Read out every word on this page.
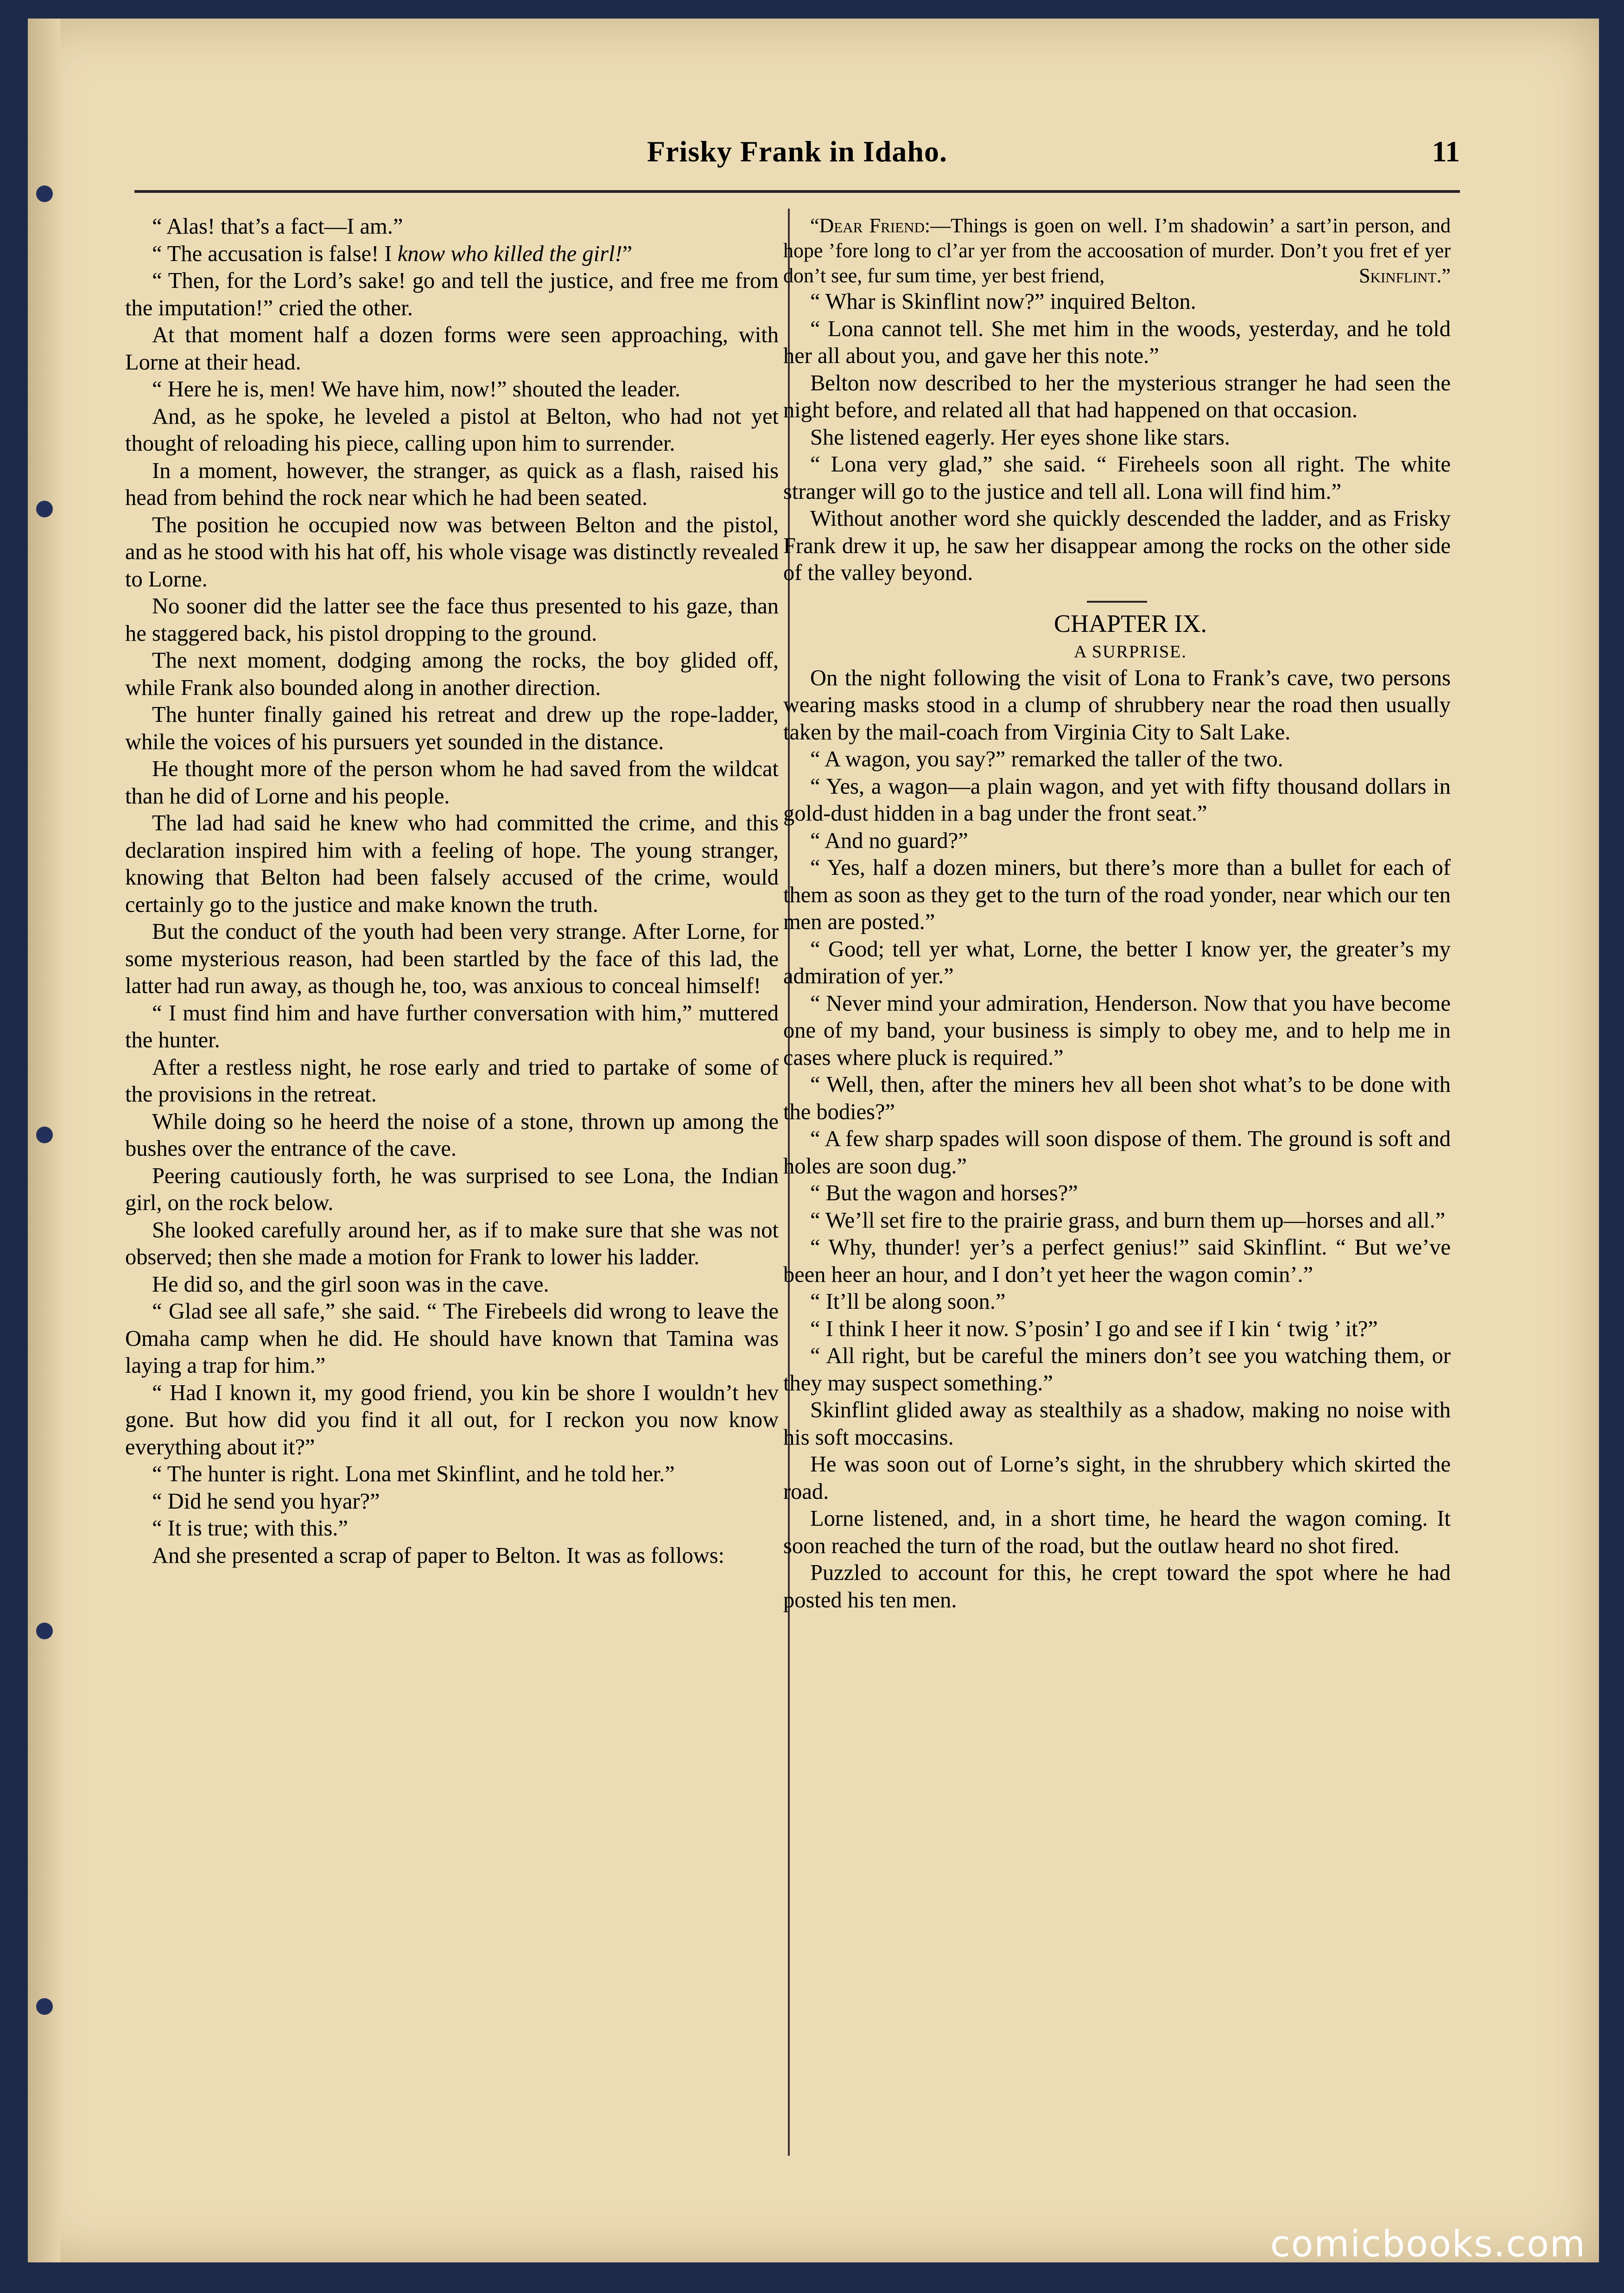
Frisky Frank in Idaho.	11

“ Alas! that’s a fact—I am.”

“ The accusation is false! I know who killed the girl!”

“ Then, for the Lord’s sake! go and tell the justice, and free me from the imputation!” cried the other.

At that moment half a dozen forms were seen approaching, with Lorne at their head.

“ Here he is, men! We have him, now!” shouted the leader.

And, as he spoke, he leveled a pistol at Belton, who had not yet thought of reloading his piece, calling upon him to surrender.

In a moment, however, the stranger, as quick as a flash, raised his head from behind the rock near which he had been seated.

The position he occupied now was between Belton and the pistol, and as he stood with his hat off, his whole visage was distinctly revealed to Lorne.

No sooner did the latter see the face thus presented to his gaze, than he staggered back, his pistol dropping to the ground.

The next moment, dodging among the rocks, the boy glided off, while Frank also bounded along in another direction.

The hunter finally gained his retreat and drew up the rope-ladder, while the voices of his pursuers yet sounded in the distance.

He thought more of the person whom he had saved from the wildcat than he did of Lorne and his people.

The lad had said he knew who had committed the crime, and this declaration inspired him with a feeling of hope. The young stranger, knowing that Belton had been falsely accused of the crime, would certainly go to the justice and make known the truth.

But the conduct of the youth had been very strange. After Lorne, for some mysterious reason, had been startled by the face of this lad, the latter had run away, as though he, too, was anxious to conceal himself!

“ I must find him and have further conversation with him,” muttered the hunter.

After a restless night, he rose early and tried to partake of some of the provisions in the retreat.

While doing so he heerd the noise of a stone, thrown up among the bushes over the entrance of the cave.

Peering cautiously forth, he was surprised to see Lona, the Indian girl, on the rock below.

She looked carefully around her, as if to make sure that she was not observed; then she made a motion for Frank to lower his ladder.

He did so, and the girl soon was in the cave.

“ Glad see all safe,” she said. “ The Firebeels did wrong to leave the Omaha camp when he did. He should have known that Tamina was laying a trap for him.”

“ Had I known it, my good friend, you kin be shore I wouldn’t hev gone. But how did you find it all out, for I reckon you now know everything about it?”

“ The hunter is right. Lona met Skinflint, and he told her.”

“ Did he send you hyar?”

“ It is true; with this.”

And she presented a scrap of paper to Belton. It was as follows:

“Dear Friend:—Things is goen on well. I’m shadowin’ a sart’in person, and hope ’fore long to cl’ar yer from the accoosation of murder. Don’t you fret ef yer don’t see, fur sum time, yer best friend,	Skinflint.”

“ Whar is Skinflint now?” inquired Belton.

“ Lona cannot tell. She met him in the woods, yesterday, and he told her all about you, and gave her this note.”

Belton now described to her the mysterious stranger he had seen the night before, and related all that had happened on that occasion.

She listened eagerly. Her eyes shone like stars.

“ Lona very glad,” she said. “ Fireheels soon all right. The white stranger will go to the justice and tell all. Lona will find him.”

Without another word she quickly descended the ladder, and as Frisky Frank drew it up, he saw her disappear among the rocks on the other side of the valley beyond.

CHAPTER IX.

A SURPRISE.

On the night following the visit of Lona to Frank’s cave, two persons wearing masks stood in a clump of shrubbery near the road then usually taken by the mail-coach from Virginia City to Salt Lake.

“ A wagon, you say?” remarked the taller of the two.

“ Yes, a wagon—a plain wagon, and yet with fifty thousand dollars in gold-dust hidden in a bag under the front seat.”

“ And no guard?”

“ Yes, half a dozen miners, but there’s more than a bullet for each of them as soon as they get to the turn of the road yonder, near which our ten men are posted.”

“ Good; tell yer what, Lorne, the better I know yer, the greater’s my admiration of yer.”

“ Never mind your admiration, Henderson. Now that you have become one of my band, your business is simply to obey me, and to help me in cases where pluck is required.”

“ Well, then, after the miners hev all been shot what’s to be done with the bodies?”

“ A few sharp spades will soon dispose of them. The ground is soft and holes are soon dug.”

“ But the wagon and horses?”

“ We’ll set fire to the prairie grass, and burn them up—horses and all.”

“ Why, thunder! yer’s a perfect genius!” said Skinflint. “ But we’ve been heer an hour, and I don’t yet heer the wagon comin’.”

“ It’ll be along soon.”

“ I think I heer it now. S’posin’ I go and see if I kin ‘ twig ’ it?”

“ All right, but be careful the miners don’t see you watching them, or they may suspect something.”

Skinflint glided away as stealthily as a shadow, making no noise with his soft moccasins.

He was soon out of Lorne’s sight, in the shrubbery which skirted the road.

Lorne listened, and, in a short time, he heard the wagon coming. It soon reached the turn of the road, but the outlaw heard no shot fired.

Puzzled to account for this, he crept toward the spot where he had posted his ten men.

comicbooks.com
